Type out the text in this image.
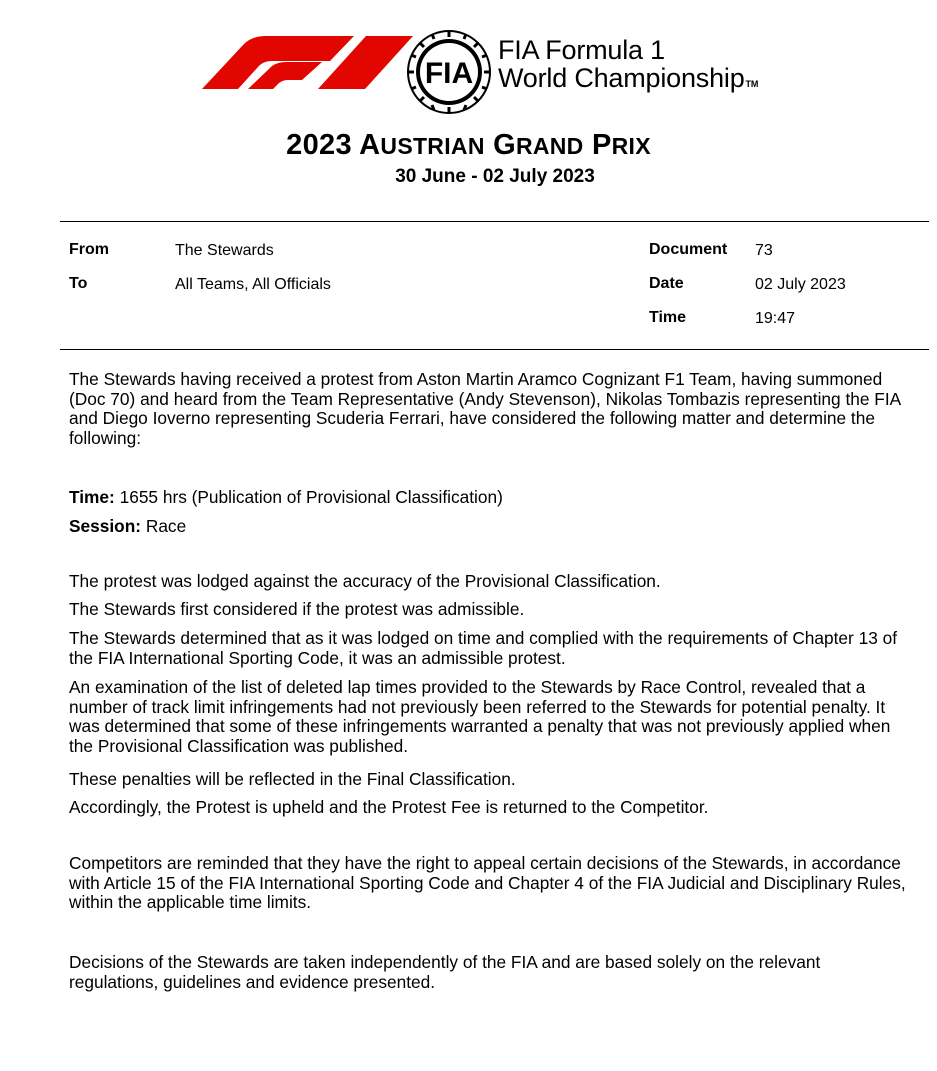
FIA
FIA Formula 1
World ChampionshipTM
2023 AUSTRIAN GRAND PRIX
30 June - 02 July 2023
From	The Stewards
To	All Teams, All Officials
Document 73
Date	02 July 2023
Time	19:47
The Stewards having received a protest from Aston Martin Aramco Cognizant F1 Team, having summoned (Doc 70) and heard from the Team Representative (Andy Stevenson), Nikolas Tombazis representing the FIA and Diego Ioverno representing Scuderia Ferrari, have considered the following matter and determine the following:
Time: 1655 hrs (Publication of Provisional Classification)
Session: Race
The protest was lodged against the accuracy of the Provisional Classification.
The Stewards first considered if the protest was admissible.
The Stewards determined that as it was lodged on time and complied with the requirements of Chapter 13 of the FIA International Sporting Code, it was an admissible protest.
An examination of the list of deleted lap times provided to the Stewards by Race Control, revealed that a number of track limit infringements had not previously been referred to the Stewards for potential penalty. It was determined that some of these infringements warranted a penalty that was not previously applied when the Provisional Classification was published.
These penalties will be reflected in the Final Classification.
Accordingly, the Protest is upheld and the Protest Fee is returned to the Competitor.
Competitors are reminded that they have the right to appeal certain decisions of the Stewards, in accordance with Article 15 of the FIA International Sporting Code and Chapter 4 of the FIA Judicial and Disciplinary Rules, within the applicable time limits.
Decisions of the Stewards are taken independently of the FIA and are based solely on the relevant regulations, guidelines and evidence presented.
